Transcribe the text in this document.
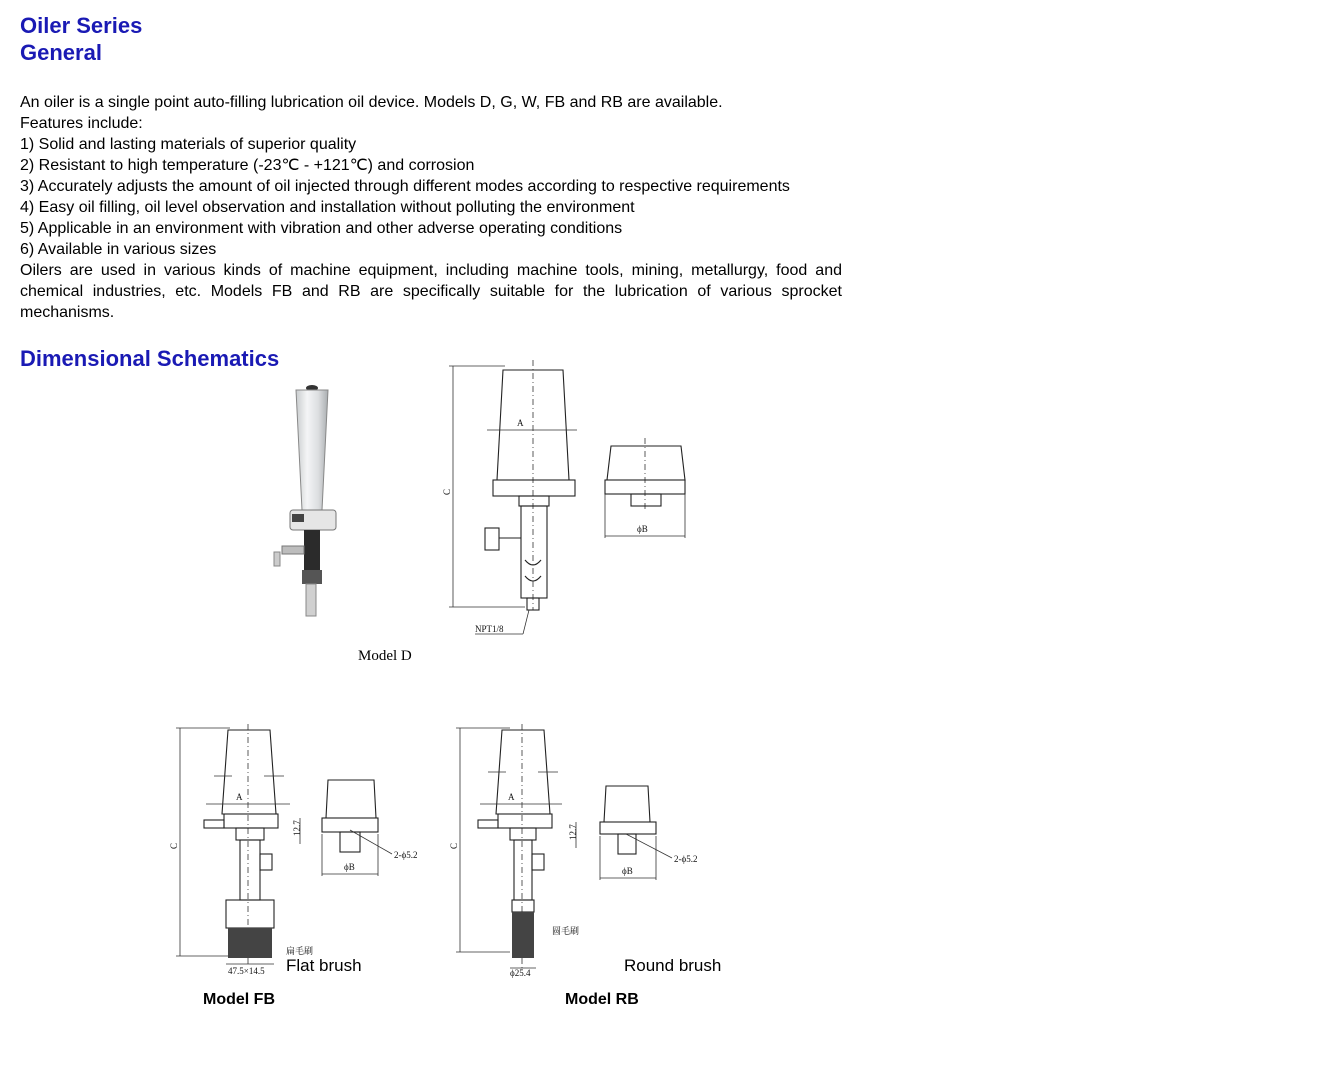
Oiler Series
General

An oiler is a single point auto-filling lubrication oil device. Models D, G, W, FB and RB are available.

Features include:

1) Solid and lasting materials of superior quality

2) Resistant to high temperature (-23℃ - +121℃) and corrosion

3) Accurately adjusts the amount of oil injected through different modes according to respective requirements

4) Easy oil filling, oil level observation and installation without polluting the environment

5) Applicable in an environment with vibration and other adverse operating conditions

6) Available in various sizes

Oilers are used in various kinds of machine equipment, including machine tools, mining, metallurgy, food and chemical industries, etc. Models FB and RB are specifically suitable for the lubrication of various sprocket mechanisms.

Dimensional Schematics
Model D
C
A
NPT1/8
ϕB
C
A
47.5×14.5
扁毛刷
12.7
2-ϕ5.2
ϕB
Flat brush
Model FB
C
A
ϕ25.4
圆毛刷
12.7
2-ϕ5.2
ϕB
Round brush
Model RB
